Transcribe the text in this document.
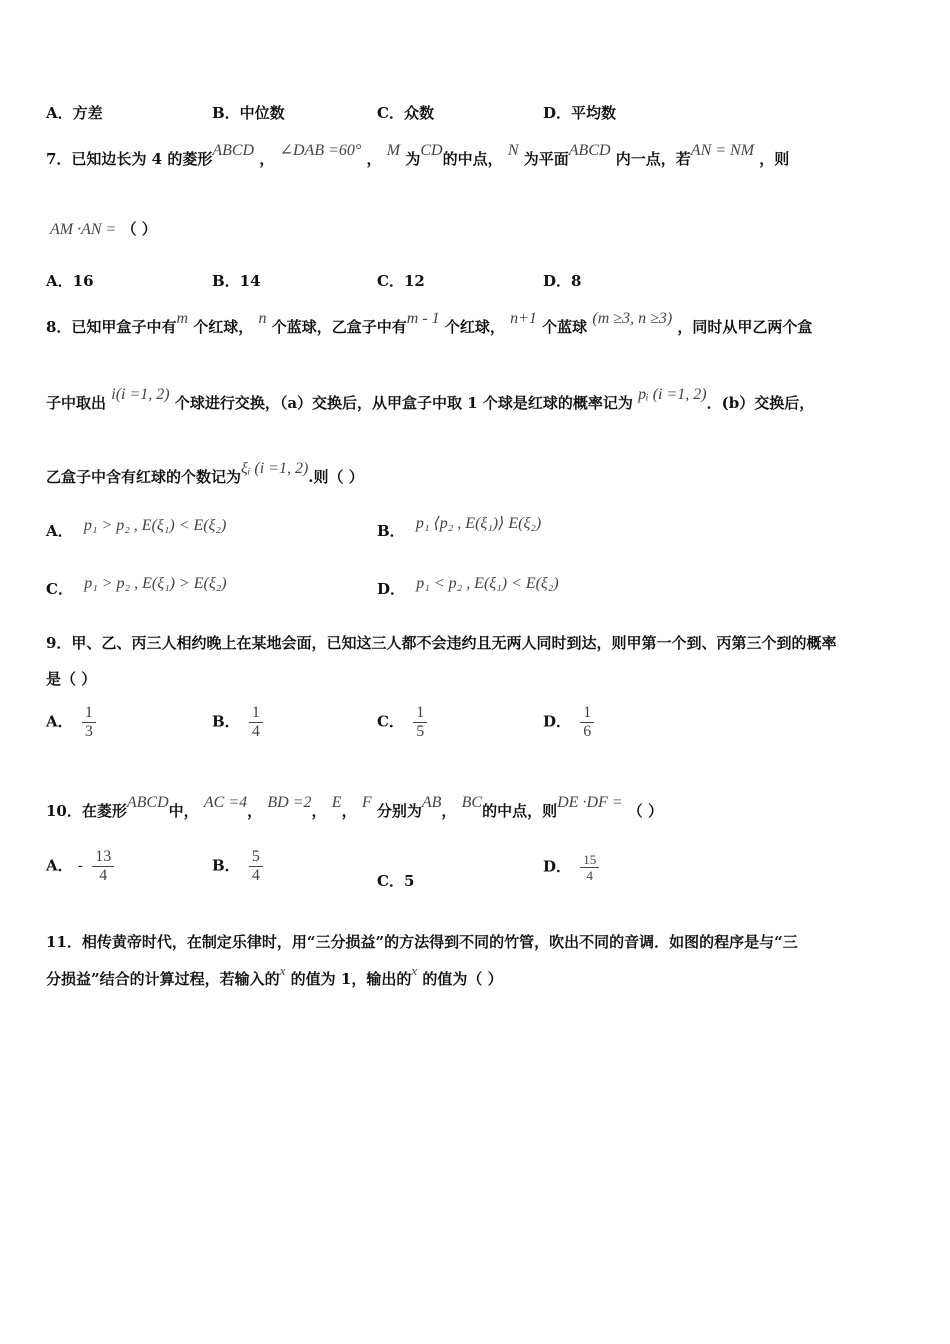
A．方差	B．中位数	C．众数	D．平均数
7．已知边长为 4 的菱形ABCD ， ∠DAB =60° ， M 为CD的中点， N 为平面ABCD 内一点，若AN = NM ，则
AM ·AN = （ ）
A．16	B．14	C．12	D．8
8．已知甲盒子中有m 个红球， n 个蓝球，乙盒子中有m - 1 个红球， n+1 个蓝球 (m ≥3, n ≥3) ，同时从甲乙两个盒
子中取出 i(i =1, 2) 个球进行交换，（a）交换后，从甲盒子中取 1 个球是红球的概率记为 pᵢ (i =1, 2)．(b）交换后，
乙盒子中含有红球的个数记为ξᵢ (i =1, 2).则（ ）
A． p₁ > p₂ , E(ξ₁) < E(ξ₂)	B． p₁ ⟨p₂ , E(ξ₁)⟩ E(ξ₂)
C． p₁ > p₂ , E(ξ₁) > E(ξ₂)	D． p₁ < p₂ , E(ξ₁) < E(ξ₂)
9．甲、乙、丙三人相约晚上在某地会面，已知这三人都不会违约且无两人同时到达，则甲第一个到、丙第三个到的概率
是（ ）
A． $\frac{1}{3}$	B． $\frac{1}{4}$	C． $\frac{1}{5}$	D． $\frac{1}{6}$
10．在菱形ABCD中， AC =4， BD =2， E， F 分别为AB， BC的中点，则DE ·DF = （ ）
A． - $\frac{13}{4}$	B． $\frac{5}{4}$	C．5
D． $\frac{15}{4}$
11．相传黄帝时代，在制定乐律时，用“三分损益”的方法得到不同的竹管，吹出不同的音调．如图的程序是与“三
分损益”结合的计算过程，若输入的x 的值为 1，输出的x 的值为（ ）
